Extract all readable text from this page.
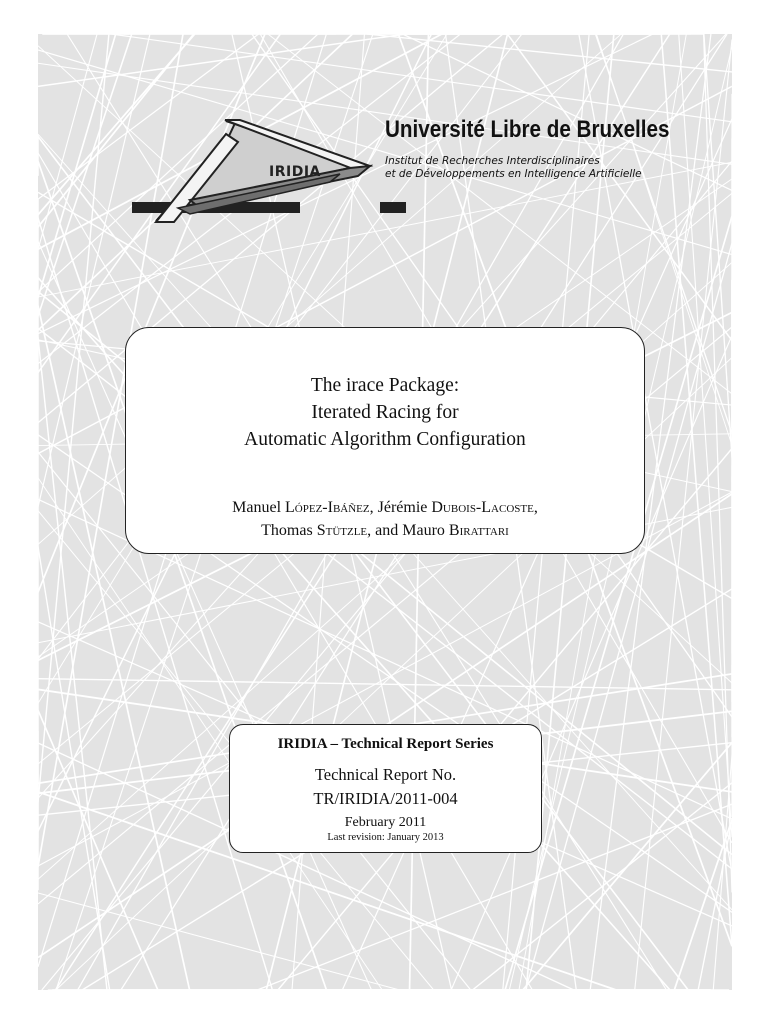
IRIDIA
Université Libre de Bruxelles
Institut de Recherches Interdisciplinaires
et de Développements en Intelligence Artificielle
The irace Package:
Iterated Racing for
Automatic Algorithm Configuration
Manuel López-Ibáñez, Jérémie Dubois-Lacoste,
Thomas Stützle, and Mauro Birattari
IRIDIA – Technical Report Series
Technical Report No.
TR/IRIDIA/2011-004
February 2011
Last revision: January 2013
